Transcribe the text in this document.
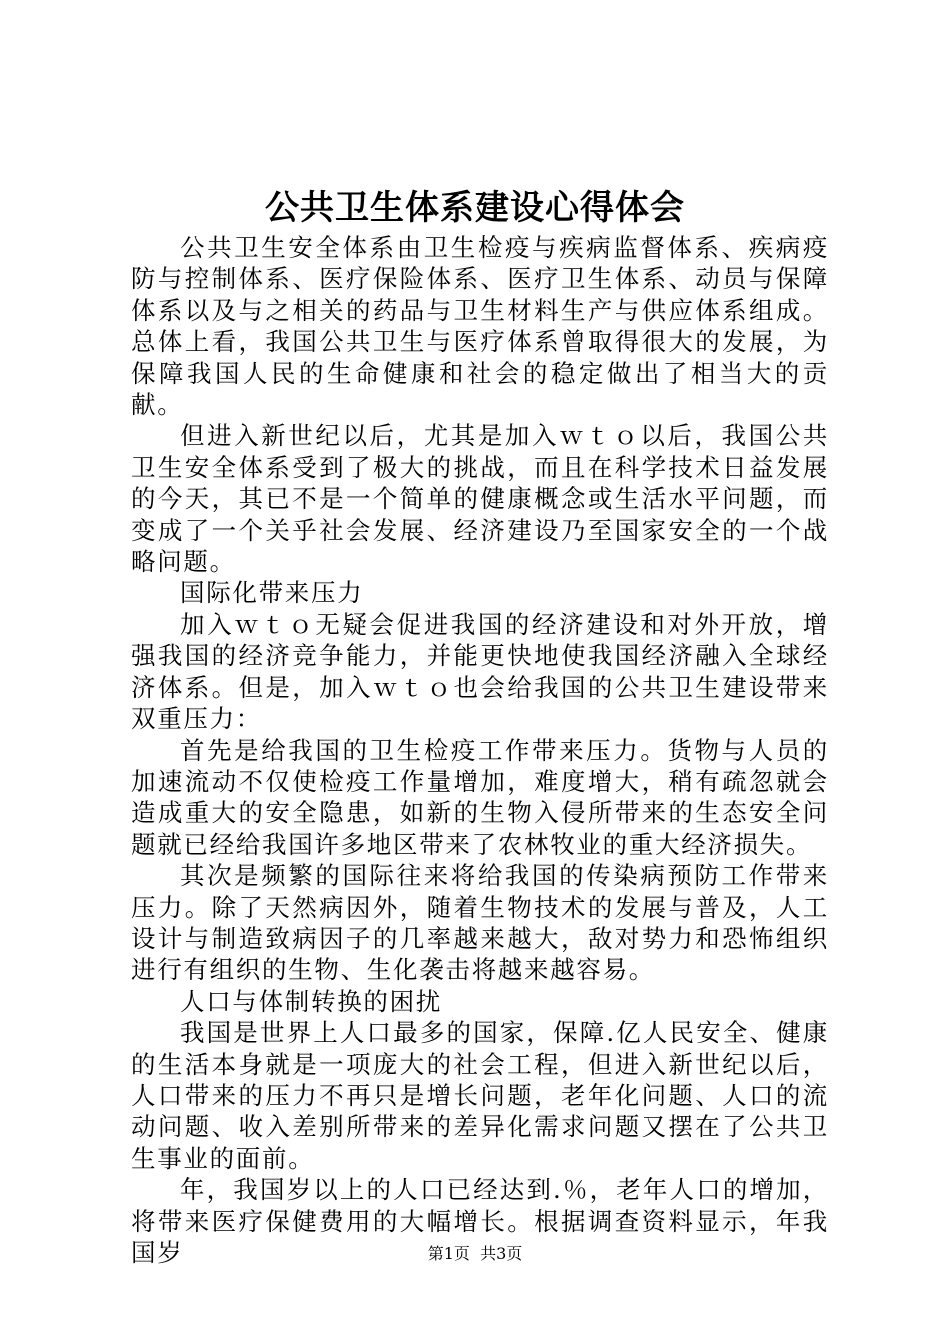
公共卫生体系建设心得体会

公共卫生安全体系由卫生检疫与疾病监督体系、疾病疫防与控制体系、医疗保险体系、医疗卫生体系、动员与保障体系以及与之相关的药品与卫生材料生产与供应体系组成。总体上看，我国公共卫生与医疗体系曾取得很大的发展，为保障我国人民的生命健康和社会的稳定做出了相当大的贡献。

但进入新世纪以后，尤其是加入ｗｔｏ以后，我国公共卫生安全体系受到了极大的挑战，而且在科学技术日益发展的今天，其已不是一个简单的健康概念或生活水平问题，而变成了一个关乎社会发展、经济建设乃至国家安全的一个战略问题。

国际化带来压力

加入ｗｔｏ无疑会促进我国的经济建设和对外开放，增强我国的经济竞争能力，并能更快地使我国经济融入全球经济体系。但是，加入ｗｔｏ也会给我国的公共卫生建设带来双重压力：

首先是给我国的卫生检疫工作带来压力。货物与人员的加速流动不仅使检疫工作量增加，难度增大，稍有疏忽就会造成重大的安全隐患，如新的生物入侵所带来的生态安全问题就已经给我国许多地区带来了农林牧业的重大经济损失。

其次是频繁的国际往来将给我国的传染病预防工作带来压力。除了天然病因外，随着生物技术的发展与普及，人工设计与制造致病因子的几率越来越大，敌对势力和恐怖组织进行有组织的生物、生化袭击将越来越容易。

人口与体制转换的困扰

我国是世界上人口最多的国家，保障.亿人民安全、健康的生活本身就是一项庞大的社会工程，但进入新世纪以后，人口带来的压力不再只是增长问题，老年化问题、人口的流动问题、收入差别所带来的差异化需求问题又摆在了公共卫生事业的面前。

年，我国岁以上的人口已经达到.％，老年人口的增加，将带来医疗保健费用的大幅增长。根据调查资料显示，年我国岁	第1页  共3页
